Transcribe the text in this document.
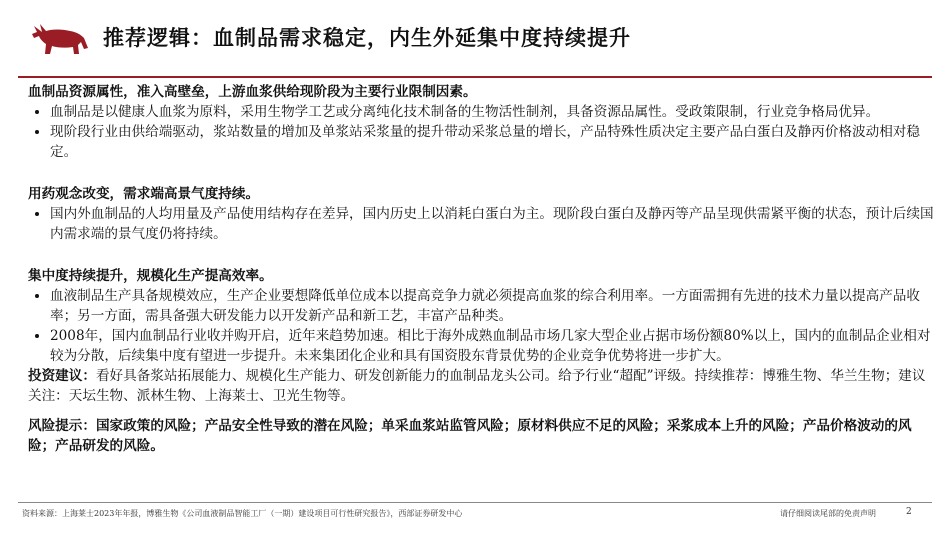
推荐逻辑：血制品需求稳定，内生外延集中度持续提升

血制品资源属性，准入高壁垒，上游血浆供给现阶段为主要行业限制因素。

• 血制品是以健康人血浆为原料，采用生物学工艺或分离纯化技术制备的生物活性制剂，具备资源品属性。受政策限制，行业竞争格局优异。
• 现阶段行业由供给端驱动，浆站数量的增加及单浆站采浆量的提升带动采浆总量的增长，产品特殊性质决定主要产品白蛋白及静丙价格波动相对稳定。

用药观念改变，需求端高景气度持续。

• 国内外血制品的人均用量及产品使用结构存在差异，国内历史上以消耗白蛋白为主。现阶段白蛋白及静丙等产品呈现供需紧平衡的状态，预计后续国内需求端的景气度仍将持续。

集中度持续提升，规模化生产提高效率。

• 血液制品生产具备规模效应，生产企业要想降低单位成本以提高竞争力就必须提高血浆的综合利用率。一方面需拥有先进的技术力量以提高产品收率；另一方面，需具备强大研发能力以开发新产品和新工艺，丰富产品种类。
• 2008年，国内血制品行业收并购开启，近年来趋势加速。相比于海外成熟血制品市场几家大型企业占据市场份额80%以上，国内的血制品企业相对较为分散，后续集中度有望进一步提升。未来集团化企业和具有国资股东背景优势的企业竞争优势将进一步扩大。

投资建议：看好具备浆站拓展能力、规模化生产能力、研发创新能力的血制品龙头公司。给予行业“超配”评级。持续推荐：博雅生物、华兰生物；建议关注：天坛生物、派林生物、上海莱士、卫光生物等。

风险提示：国家政策的风险；产品安全性导致的潜在风险；单采血浆站监管风险；原材料供应不足的风险；采浆成本上升的风险；产品价格波动的风险；产品研发的风险。

资料来源：上海莱士2023年年报，博雅生物《公司血液制品智能工厂（一期）建设项目可行性研究报告》，西部证券研发中心	请仔细阅读尾部的免责声明	2
